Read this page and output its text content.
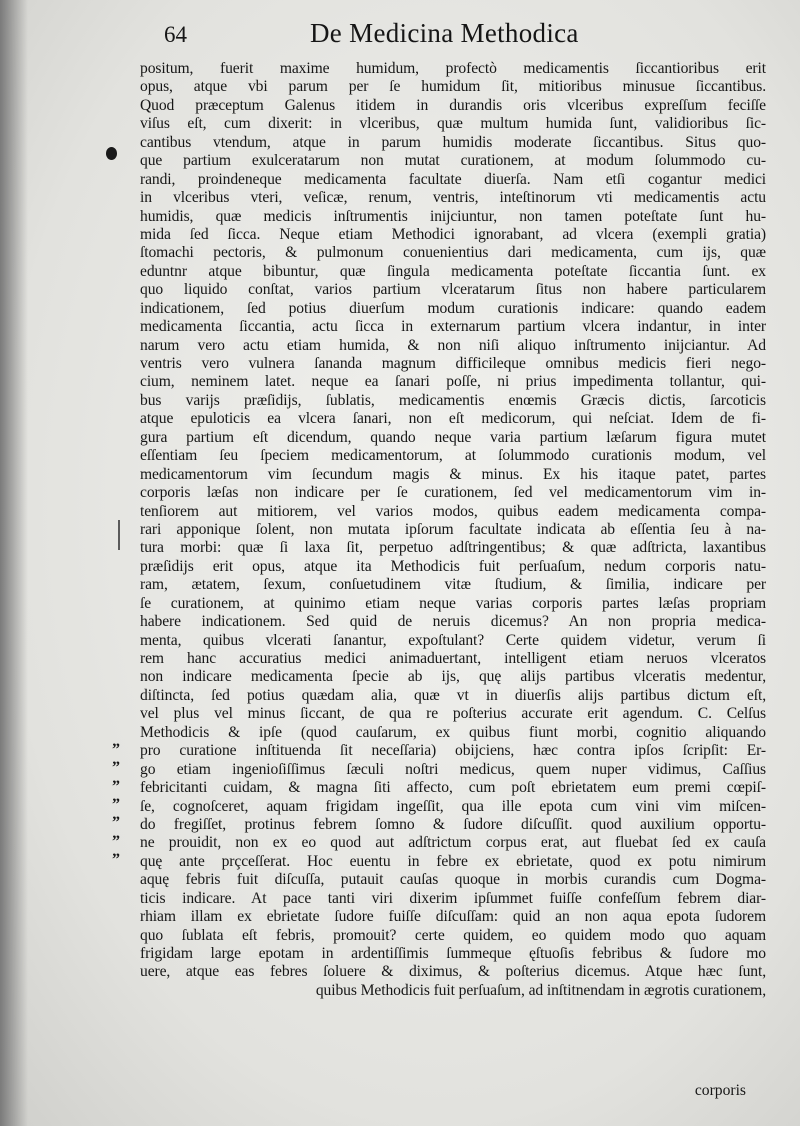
64	De Medicina Methodica
positum, fuerit maxime humidum, profectò medicamentis ſiccantioribus erit
opus, atque vbi parum per ſe humidum ſit, mitioribus minusue ſiccantibus.
Quod præceptum Galenus itidem in durandis oris vlceribus expreſſum feciſſe
viſus eſt, cum dixerit: in vlceribus, quæ multum humida ſunt, validioribus ſic-
cantibus vtendum, atque in parum humidis moderate ſiccantibus. Situs quo-
que partium exulceratarum non mutat curationem, at modum ſolummodo cu-
randi, proindeneque medicamenta facultate diuerſa. Nam etſi cogantur medici
in vlceribus vteri, veſicæ, renum, ventris, inteſtinorum vti medicamentis actu
humidis, quæ medicis inſtrumentis inijciuntur, non tamen poteſtate ſunt hu-
mida ſed ſicca. Neque etiam Methodici ignorabant, ad vlcera (exempli gratia)
ſtomachi pectoris, & pulmonum conuenientius dari medicamenta, cum ijs, quæ
eduntnr atque bibuntur, quæ ſingula medicamenta poteſtate ſiccantia ſunt. ex
quo liquido conſtat, varios partium vlceratarum ſitus non habere particularem
indicationem, ſed potius diuerſum modum curationis indicare: quando eadem
medicamenta ſiccantia, actu ſicca in externarum partium vlcera indantur, in inter
narum vero actu etiam humida, & non niſi aliquo inſtrumento inijciantur. Ad
ventris vero vulnera ſananda magnum difficileque omnibus medicis fieri nego-
cium, neminem latet. neque ea ſanari poſſe, ni prius impedimenta tollantur, qui-
bus varijs præſidijs, ſublatis, medicamentis enœmis Græcis dictis, ſarcoticis
atque epuloticis ea vlcera ſanari, non eſt medicorum, qui neſciat. Idem de fi-
gura partium eſt dicendum, quando neque varia partium læſarum figura mutet
eſſentiam ſeu ſpeciem medicamentorum, at ſolummodo curationis modum, vel
medicamentorum vim ſecundum magis & minus. Ex his itaque patet, partes
corporis læſas non indicare per ſe curationem, ſed vel medicamentorum vim in-
tenſiorem aut mitiorem, vel varios modos, quibus eadem medicamenta compa-
rari apponique ſolent, non mutata ipſorum facultate indicata ab eſſentia ſeu à na-
tura morbi: quæ ſi laxa ſit, perpetuo adſtringentibus; & quæ adſtricta, laxantibus
præſidijs erit opus, atque ita Methodicis fuit perſuaſum, nedum corporis natu-
ram, ætatem, ſexum, conſuetudinem vitæ ſtudium, & ſimilia, indicare per
ſe curationem, at quinimo etiam neque varias corporis partes læſas propriam
habere indicationem. Sed quid de neruis dicemus? An non propria medica-
menta, quibus vlcerati ſanantur, expoſtulant? Certe quidem videtur, verum ſi
rem hanc accuratius medici animaduertant, intelligent etiam neruos vlceratos
non indicare medicamenta ſpecie ab ijs, quę alijs partibus vlceratis medentur,
diſtincta, ſed potius quædam alia, quæ vt in diuerſis alijs partibus dictum eſt,
vel plus vel minus ſiccant, de qua re poſterius accurate erit agendum. C. Celſus
Methodicis & ipſe (quod cauſarum, ex quibus fiunt morbi, cognitio aliquando
pro curatione inſtituenda ſit neceſſaria) obijciens, hæc contra ipſos ſcripſit: Er-
go etiam ingenioſiſſimus ſæculi noſtri medicus, quem nuper vidimus, Caſſius
febricitanti cuidam, & magna ſiti affecto, cum poſt ebrietatem eum premi cœpiſ-
ſe, cognoſceret, aquam frigidam ingeſſit, qua ille epota cum vini vim miſcen-
do fregiſſet, protinus febrem ſomno & ſudore diſcuſſit. quod auxilium opportu-
ne prouidit, non ex eo quod aut adſtrictum corpus erat, aut fluebat ſed ex cauſa
quę ante prçceſſerat. Hoc euentu in febre ex ebrietate, quod ex potu nimirum
aquę febris fuit diſcuſſa, putauit cauſas quoque in morbis curandis cum Dogma-
ticis indicare. At pace tanti viri dixerim ipſummet fuiſſe confeſſum febrem diar-
rhiam illam ex ebrietate ſudore fuiſſe diſcuſſam: quid an non aqua epota ſudorem
quo ſublata eſt febris, promouit? certe quidem, eo quidem modo quo aquam
frigidam large epotam in ardentiſſimis ſummeque ęſtuoſis febribus & ſudore mo
uere, atque eas febres ſoluere & diximus, & poſterius dicemus. Atque hæc ſunt,
quibus Methodicis fuit perſuaſum, ad inſtitnendam in ægrotis curationem,
”
”
”
”
”
”
”
corporis
